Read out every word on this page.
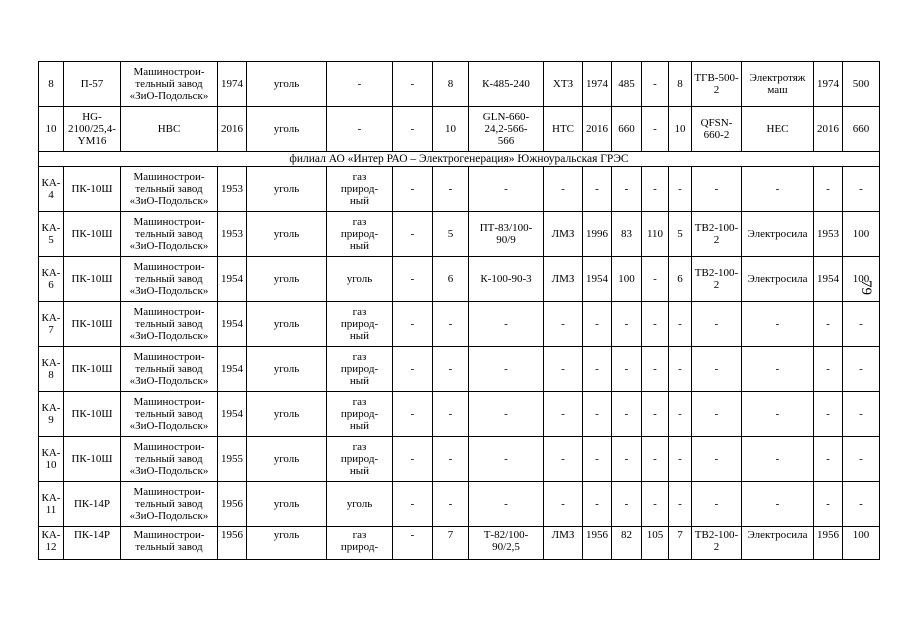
8	П-57	Машинострои-
тельный завод
«ЗиО-Подольск»	1974	уголь	-	-	8	К-485-240	ХТЗ	1974	485	-	8	ТГВ-500-
2	Электротяж
маш	1974	500
10	HG-
2100/25,4-
YM16	НВС	2016	уголь	-	-	10	GLN-660-
24,2-566-
566	НТС	2016	660	-	10	QFSN-
660-2	НЕС	2016	660
филиал АО «Интер РАО – Электрогенерация» Южноуральская ГРЭС																	

КА-
4	ПК-10Ш	Машинострои-
тельный завод
«ЗиО-Подольск»	1953	уголь	газ
природ-
ный	-	-	-	-	-	-	-	-	-	-	-	-

КА-
5	ПК-10Ш	Машинострои-
тельный завод
«ЗиО-Подольск»	1953	уголь	газ
природ-
ный	-	5	ПТ-83/100-
90/9	ЛМЗ	1996	83	110	5	ТВ2-100-
2	Электросила	1953	100

КА-
6	ПК-10Ш	Машинострои-
тельный завод
«ЗиО-Подольск»	1954	уголь	уголь	-	6	К-100-90-3	ЛМЗ	1954	100	-	6	ТВ2-100-
2	Электросила	1954	100

КА-
7	ПК-10Ш	Машинострои-
тельный завод
«ЗиО-Подольск»	1954	уголь	газ
природ-
ный	-	-	-	-	-	-	-	-	-	-	-	-

КА-
8	ПК-10Ш	Машинострои-
тельный завод
«ЗиО-Подольск»	1954	уголь	газ
природ-
ный	-	-	-	-	-	-	-	-	-	-	-	-

КА-
9	ПК-10Ш	Машинострои-
тельный завод
«ЗиО-Подольск»	1954	уголь	газ
природ-
ный	-	-	-	-	-	-	-	-	-	-	-	-

КА-
10	ПК-10Ш	Машинострои-
тельный завод
«ЗиО-Подольск»	1955	уголь	газ
природ-
ный	-	-	-	-	-	-	-	-	-	-	-	-

КА-
11	ПК-14Р	Машинострои-
тельный завод
«ЗиО-Подольск»	1956	уголь	уголь	-	-	-	-	-	-	-	-	-	-	-	-

КА-
12	ПК-14Р	Машинострои-
тельный завод	1956	уголь	газ
природ-	-	7	Т-82/100-
90/2,5	ЛМЗ	1956	82	105	7	ТВ2-100-
2	Электросила	1956	100
79
